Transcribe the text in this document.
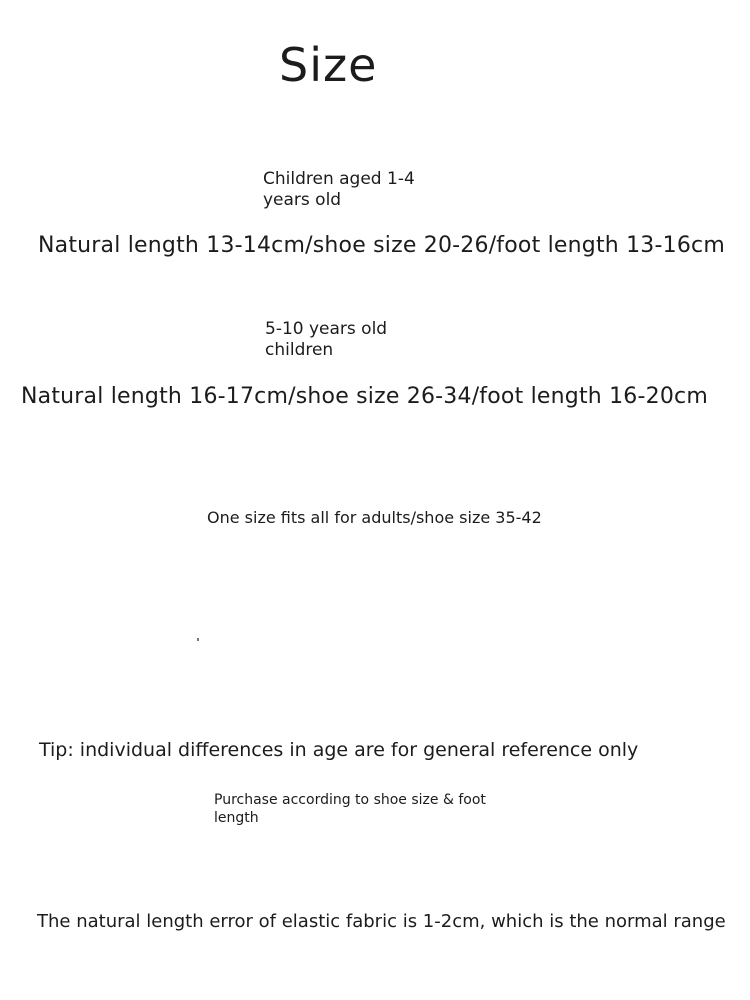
Size
Children aged 1-4 years old
Natural length 13-14cm/shoe size 20-26/foot length 13-16cm
5-10 years old children
Natural length 16-17cm/shoe size 26-34/foot length 16-20cm
One size fits all for adults/shoe size 35-42
Tip: individual differences in age are for general reference only
Purchase according to shoe size & foot length
The natural length error of elastic fabric is 1-2cm, which is the normal range
